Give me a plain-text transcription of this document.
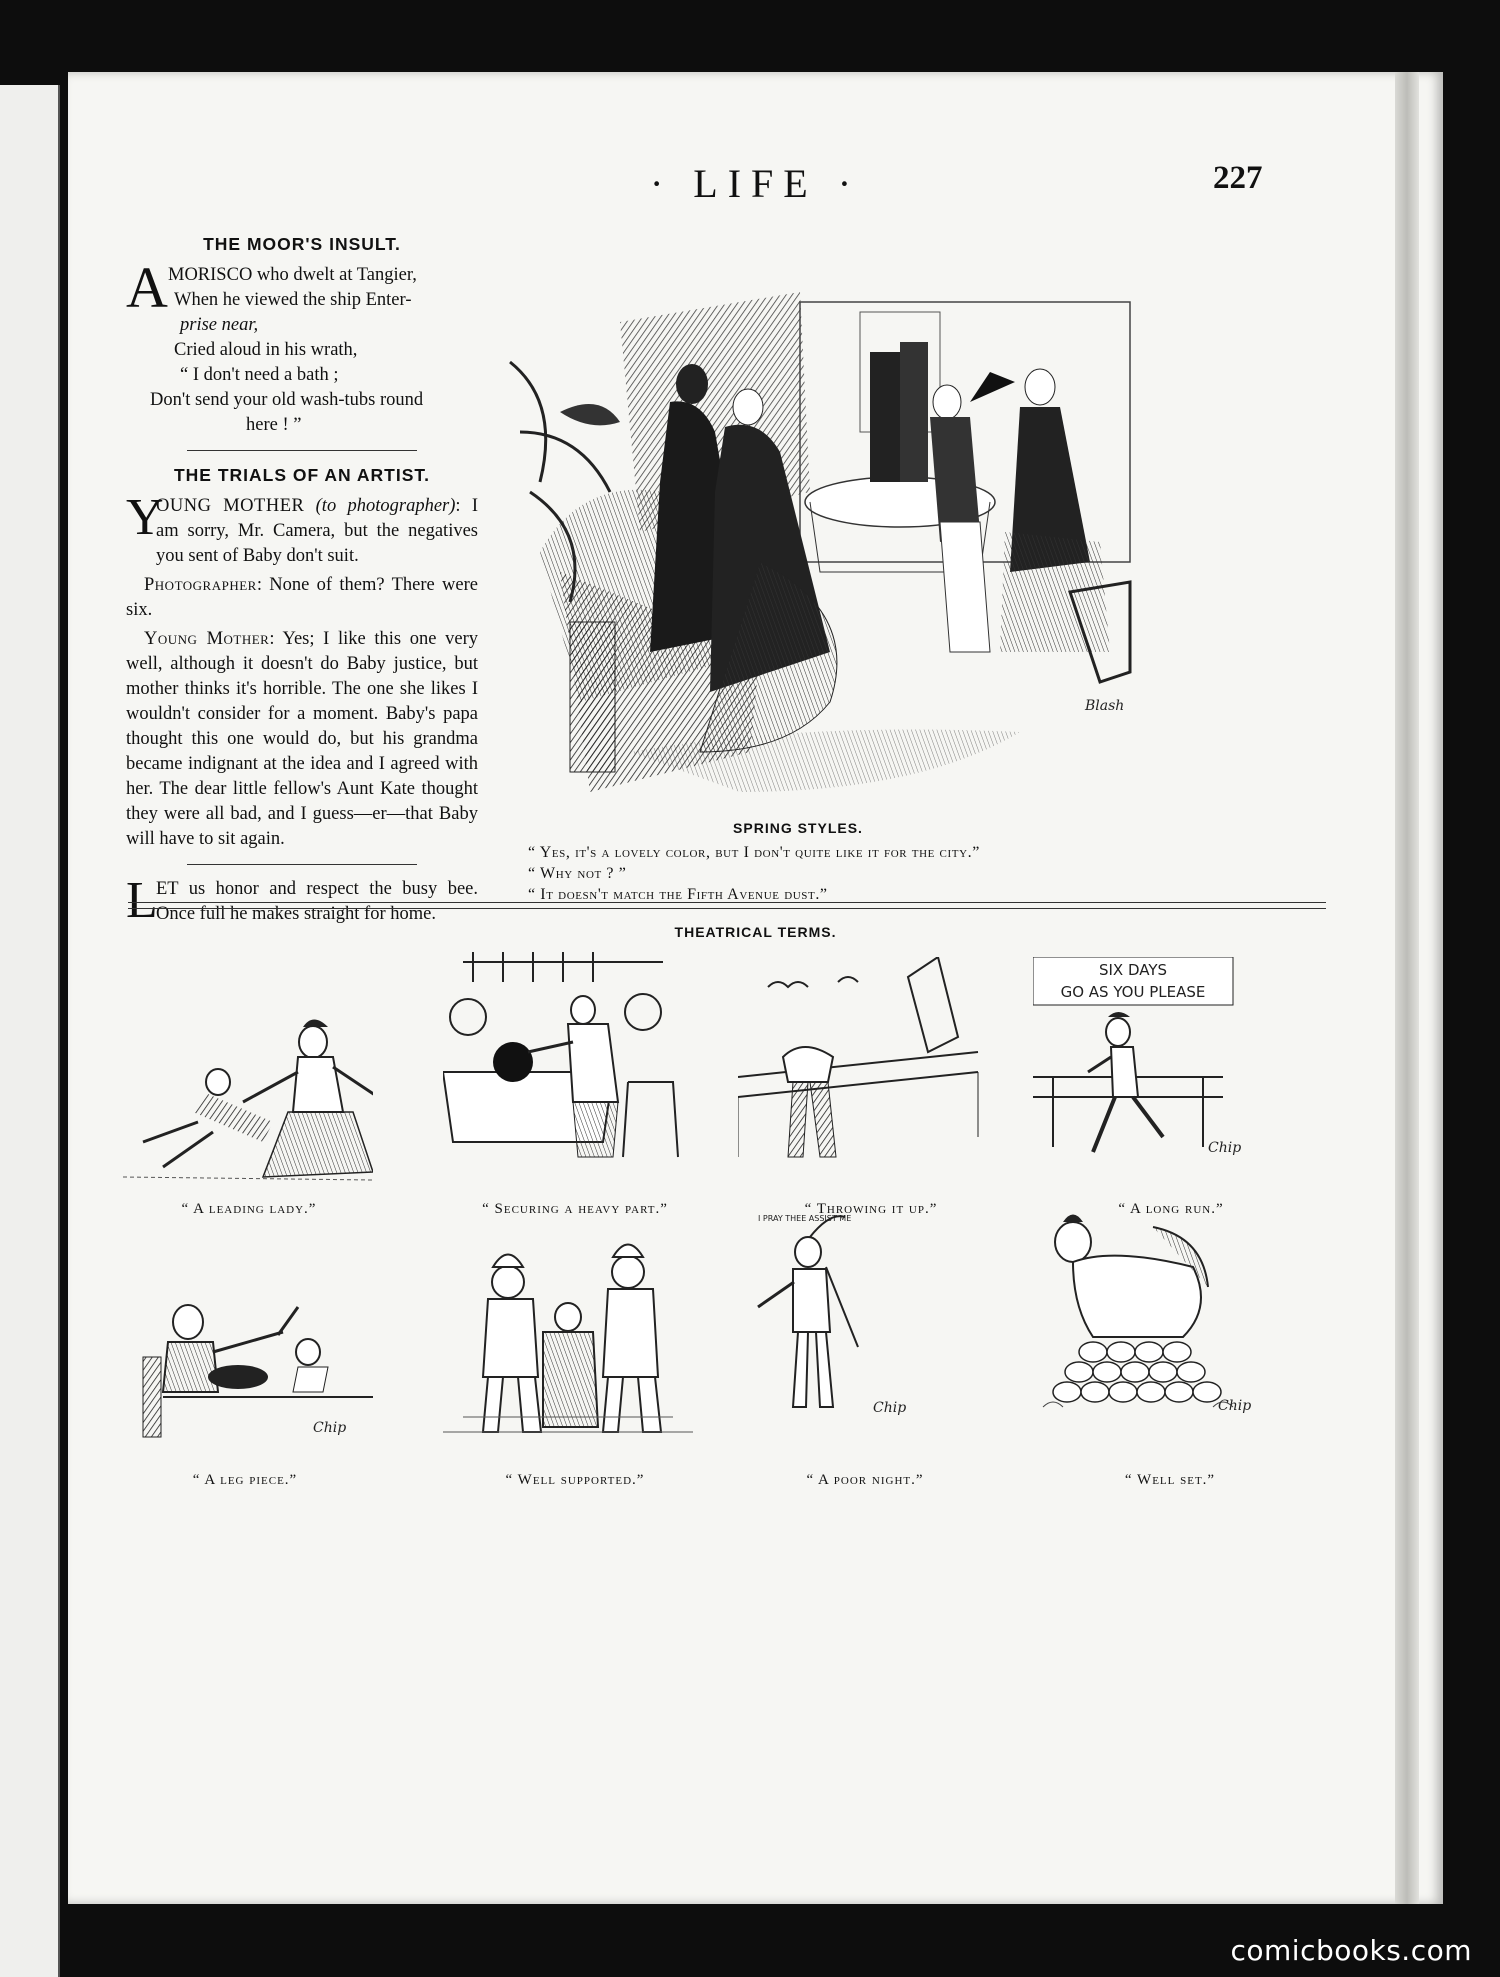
· LIFE ·	227
THE MOOR'S INSULT.
A MORISCO who dwelt at Tangier,
When he viewed the ship Enter-
prise near,
Cried aloud in his wrath,
“ I don't need a bath ;
Don't send your old wash-tubs round
here ! ”
THE TRIALS OF AN ARTIST.
Y

OUNG MOTHER (to photographer): I am sorry, Mr. Camera, but the negatives you sent of Baby don't suit.

Photographer: None of them? There were six.

Young Mother: Yes; I like this one very well, although it doesn't do Baby justice, but mother thinks it's horrible. The one she likes I wouldn't consider for a moment. Baby's papa thought this one would do, but his grandma became indignant at the idea and I agreed with her. The dear little fellow's Aunt Kate thought they were all bad, and I guess—er—that Baby will have to sit again.

L

ET us honor and respect the busy bee. Once full he makes straight for home.

Blash
SPRING STYLES.
“ Yes, it's a lovely color, but I don't quite like it for the city.”
“ Why not ? ”
“ It doesn't match the Fifth Avenue dust.”
THEATRICAL TERMS.
“ A leading lady.”	“ Securing a heavy part.”	“ Throwing it up.”
SIX DAYS
GO AS YOU PLEASE
Chip
“ A long run.”
Chip
“ A leg piece.”	“ Well supported.”
I PRAY THEE ASSIST ME
Chip
“ A poor night.”
Chip
“ Well set.”
comicbooks.com
